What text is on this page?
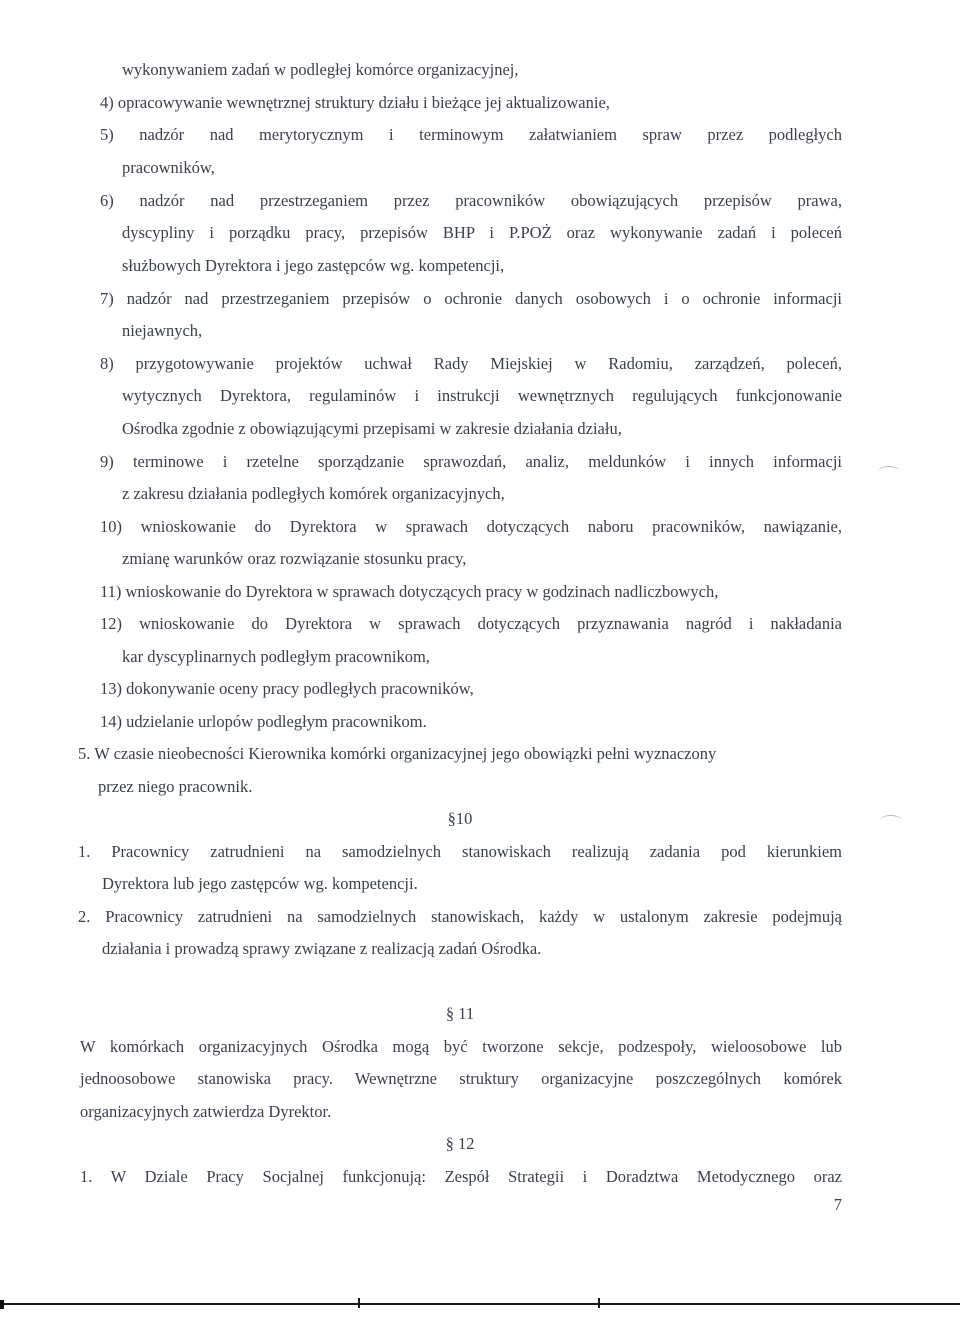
wykonywaniem zadań w podległej komórce organizacyjnej,

4) opracowywanie wewnętrznej struktury działu i bieżące jej aktualizowanie,

5) nadzór nad merytorycznym i terminowym załatwianiem spraw przez podległych

pracowników,

6) nadzór nad przestrzeganiem przez pracowników obowiązujących przepisów prawa,

dyscypliny i porządku pracy, przepisów BHP i P.POŻ oraz wykonywanie zadań i poleceń

służbowych Dyrektora i jego zastępców wg. kompetencji,

7) nadzór nad przestrzeganiem przepisów o ochronie danych osobowych i o ochronie informacji

niejawnych,

8) przygotowywanie projektów uchwał Rady Miejskiej w Radomiu, zarządzeń, poleceń,

wytycznych Dyrektora, regulaminów i instrukcji wewnętrznych regulujących funkcjonowanie

Ośrodka zgodnie z obowiązującymi przepisami w zakresie działania działu,

9) terminowe i rzetelne sporządzanie sprawozdań, analiz, meldunków i innych informacji

z zakresu działania podległych komórek organizacyjnych,

10) wnioskowanie do Dyrektora w sprawach dotyczących naboru pracowników, nawiązanie,

zmianę warunków oraz rozwiązanie stosunku pracy,

11) wnioskowanie do Dyrektora w sprawach dotyczących pracy w godzinach nadliczbowych,

12) wnioskowanie do Dyrektora w sprawach dotyczących przyznawania nagród i nakładania

kar dyscyplinarnych podległym pracownikom,

13) dokonywanie oceny pracy podległych pracowników,

14) udzielanie urlopów podległym pracownikom.

5. W czasie nieobecności Kierownika komórki organizacyjnej jego obowiązki pełni wyznaczony

przez niego pracownik.

§10

1. Pracownicy zatrudnieni na samodzielnych stanowiskach realizują zadania pod kierunkiem

Dyrektora lub jego zastępców wg. kompetencji.

2. Pracownicy zatrudnieni na samodzielnych stanowiskach, każdy w ustalonym zakresie podejmują

działania i prowadzą sprawy związane z realizacją zadań Ośrodka.

§ 11

W komórkach organizacyjnych Ośrodka mogą być tworzone sekcje, podzespoły, wieloosobowe lub

jednoosobowe stanowiska pracy. Wewnętrzne struktury organizacyjne poszczególnych komórek

organizacyjnych zatwierdza Dyrektor.

§ 12

1. W Dziale Pracy Socjalnej funkcjonują: Zespół Strategii i Doradztwa Metodycznego oraz

7
